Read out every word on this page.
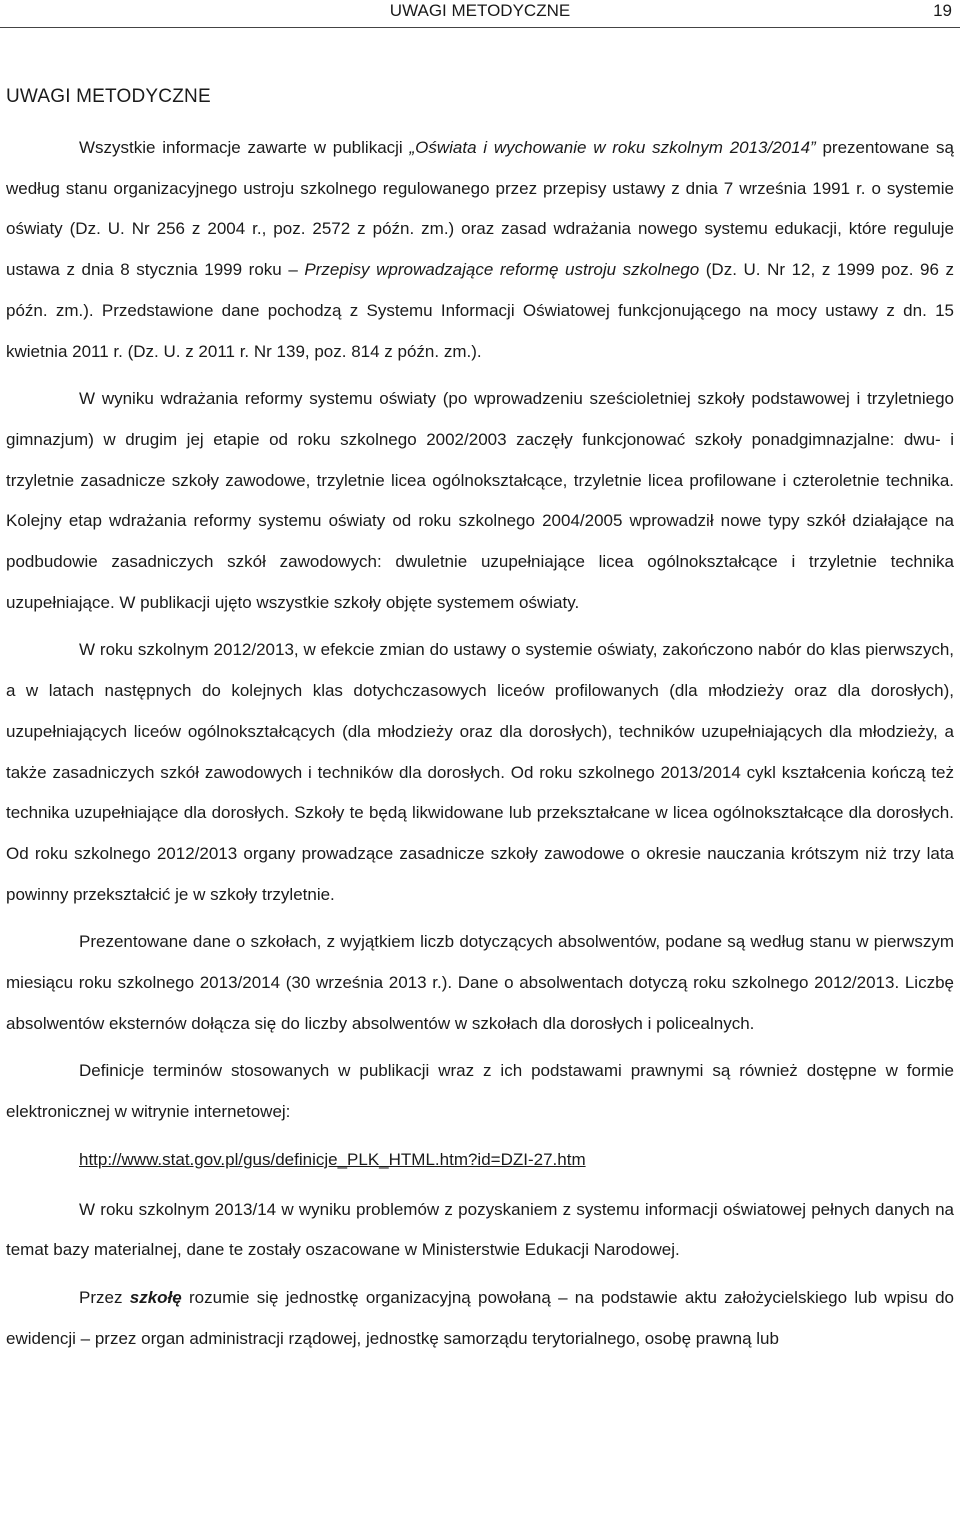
UWAGI METODYCZNE	19
UWAGI METODYCZNE

Wszystkie informacje zawarte w publikacji „Oświata i wychowanie w roku szkolnym 2013/2014” prezentowane są według stanu organizacyjnego ustroju szkolnego regulowanego przez przepisy ustawy z dnia 7 września 1991 r. o systemie oświaty (Dz. U. Nr 256 z 2004 r., poz. 2572 z późn. zm.) oraz zasad wdrażania nowego systemu edukacji, które reguluje ustawa z dnia 8 stycznia 1999 roku – Przepisy wprowadzające reformę ustroju szkolnego (Dz. U. Nr 12, z 1999 poz. 96 z późn. zm.). Przedstawione dane pochodzą z Systemu Informacji Oświatowej funkcjonującego na mocy ustawy z dn. 15 kwietnia 2011 r. (Dz. U. z 2011 r. Nr 139, poz. 814 z późn. zm.).

W wyniku wdrażania reformy systemu oświaty (po wprowadzeniu sześcioletniej szkoły podstawowej i trzyletniego gimnazjum) w drugim jej etapie od roku szkolnego 2002/2003 zaczęły funkcjonować szkoły ponadgimnazjalne: dwu- i trzyletnie zasadnicze szkoły zawodowe, trzyletnie licea ogólnokształcące, trzyletnie licea profilowane i czteroletnie technika. Kolejny etap wdrażania reformy systemu oświaty od roku szkolnego 2004/2005 wprowadził nowe typy szkół działające na podbudowie zasadniczych szkół zawodowych: dwuletnie uzupełniające licea ogólnokształcące i trzyletnie technika uzupełniające. W publikacji ujęto wszystkie szkoły objęte systemem oświaty.

W roku szkolnym 2012/2013, w efekcie zmian do ustawy o systemie oświaty, zakończono nabór do klas pierwszych, a w latach następnych do kolejnych klas dotychczasowych liceów profilowanych (dla młodzieży oraz dla dorosłych), uzupełniających liceów ogólnokształcących (dla młodzieży oraz dla dorosłych), techników uzupełniających dla młodzieży, a także zasadniczych szkół zawodowych i techników dla dorosłych. Od roku szkolnego 2013/2014 cykl kształcenia kończą też technika uzupełniające dla dorosłych. Szkoły te będą likwidowane lub przekształcane w licea ogólnokształcące dla dorosłych. Od roku szkolnego 2012/2013 organy prowadzące zasadnicze szkoły zawodowe o okresie nauczania krótszym niż trzy lata powinny przekształcić je w szkoły trzyletnie.

Prezentowane dane o szkołach, z wyjątkiem liczb dotyczących absolwentów, podane są według stanu w pierwszym miesiącu roku szkolnego 2013/2014 (30 września 2013 r.). Dane o absolwentach dotyczą roku szkolnego 2012/2013. Liczbę absolwentów eksternów dołącza się do liczby absolwentów w szkołach dla dorosłych i policealnych.

Definicje terminów stosowanych w publikacji wraz z ich podstawami prawnymi są również dostępne w formie elektronicznej w witrynie internetowej:

http://www.stat.gov.pl/gus/definicje_PLK_HTML.htm?id=DZI-27.htm

W roku szkolnym 2013/14 w wyniku problemów z pozyskaniem z systemu informacji oświatowej pełnych danych na temat bazy materialnej, dane te zostały oszacowane w Ministerstwie Edukacji Narodowej.

Przez szkołę rozumie się jednostkę organizacyjną powołaną – na podstawie aktu założycielskiego lub wpisu do ewidencji – przez organ administracji rządowej, jednostkę samorządu terytorialnego, osobę prawną lub
